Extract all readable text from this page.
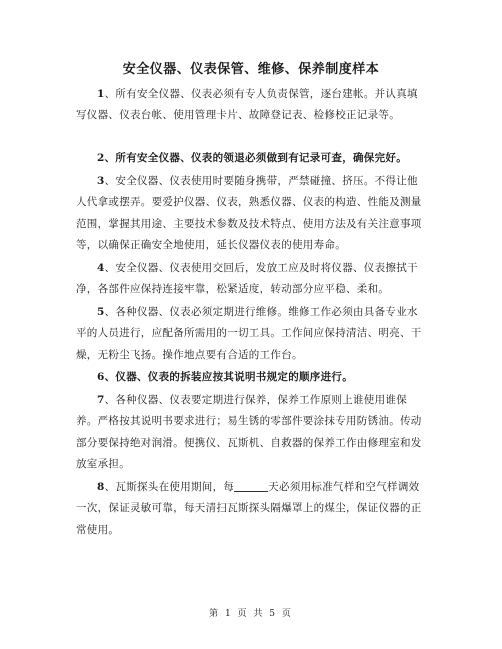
安全仪器、仪表保管、维修、保养制度样本
1、所有安全仪器、仪表必须有专人负责保管，逐台建帐。并认真填写仪器、仪表台帐、使用管理卡片、故障登记表、检修校正记录等。
2、所有安全仪器、仪表的领退必须做到有记录可查，确保完好。
3、安全仪器、仪表使用时要随身携带，严禁碰撞、挤压。不得让他人代拿或摆弄。要爱护仪器、仪表，熟悉仪器、仪表的构造、性能及测量范围，掌握其用途、主要技术参数及技术特点、使用方法及有关注意事项等，以确保正确安全地使用，延长仪器仪表的使用寿命。
4、安全仪器、仪表使用交回后，发放工应及时将仪器、仪表擦拭干净，各部件应保持连接牢靠，松紧适度，转动部分应平稳、柔和。
5、各种仪器、仪表必须定期进行维修。维修工作必须由具备专业水平的人员进行，应配备所需用的一切工具。工作间应保持清洁、明亮、干燥，无粉尘飞扬。操作地点要有合适的工作台。
6、仪器、仪表的拆装应按其说明书规定的顺序进行。
7、各种仪器、仪表要定期进行保养，保养工作原则上谁使用谁保养。严格按其说明书要求进行；易生锈的零部件要涂抹专用防锈油。传动部分要保持绝对润滑。便携仪、瓦斯机、自救器的保养工作由修理室和发放室承担。
8、瓦斯探头在使用期间，每	天必须用标准气样和空气样调效一次，保证灵敏可靠，每天清扫瓦斯探头隔爆罩上的煤尘，保证仪器的正常使用。
第 1 页 共 5 页
